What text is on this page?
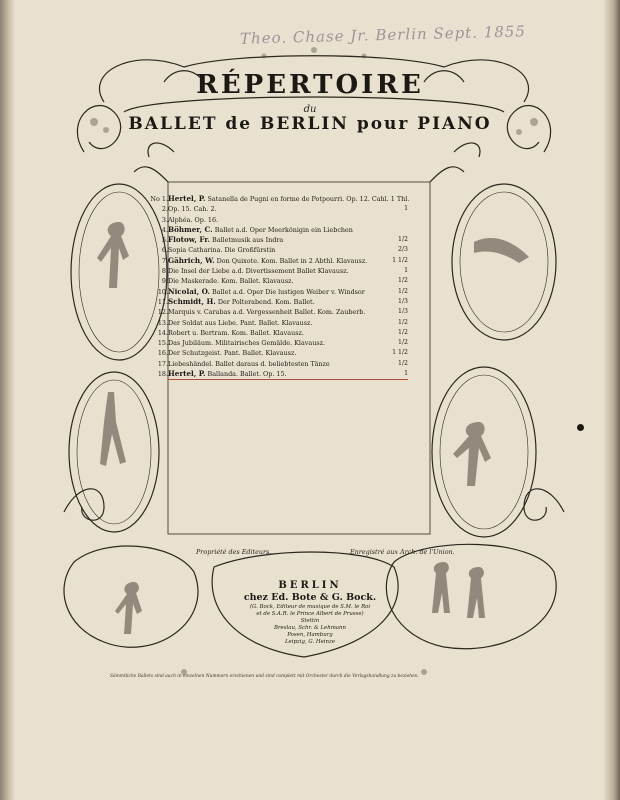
Theo. Chase Jr. Berlin Sept. 1855
RÉPERTOIRE
du
BALLET de BERLIN pour PIANO
No 1. Hertel, P. Satanella de Pugni en forme de Potpourri. Op. 12. Cahl. 1 Thl.
2. Op. 15. Cah. 2.	1
3. Alphéa. Op. 16.
4. Böhmer, C. Ballet a.d. Oper Meerkönigin ein Liebchen
5. Flotow, Fr. Balletmusik aus Indra	1/2
6. Sopia Catharina. Die Großfürstin	2/3
7. Gährich, W. Don Quixote. Kom. Ballet in 2 Abthl. Klavausz.	1 1/2
8. Die Insel der Liebe a.d. Divertissement Ballet Klavausz.	1
9. Die Maskerade. Kom. Ballet. Klavausz.	1/2
10. Nicolai, O. Ballet a.d. Oper Die lustigen Weiber v. Windsor	1/2
11. Schmidt, H. Der Polterabend. Kom. Ballet.	1/3
12. Marquis v. Carabas a.d. Vergessenheit Ballet. Kom. Zauberb.	1/3
13. Der Soldat aus Liebe. Pant. Ballet. Klavausz.	1/2
14. Robert u. Bertram. Kom. Ballet. Klavausz.	1/2
15. Das Jubiläum. Militairisches Gemälde. Klavausz.	1/2
16. Der Schutzgeist. Pant. Ballet. Klavausz.	1 1/2
17. Liebeshändel. Ballet daraus d. beliebtesten Tänze	1/2
18. Hertel, P. Ballanda. Ballet. Op. 15.	1
Propriété des Editeurs.	Enregistré aux Arch. de l'Union.
BERLIN
chez Ed. Bote & G. Bock.
(G. Bock, Editeur de musique de S.M. le Roi
et de S.A.R. le Prince Albert de Prusse)
Stettin
Breslau, Schr. & Lehmann
Posen, Hamburg
Leipzig, G. Heinze
Sämmtliche Ballets sind auch in einzelnen Nummern erschienen und sind complett mit Orchester durch die Verlagshandlung zu beziehen.
